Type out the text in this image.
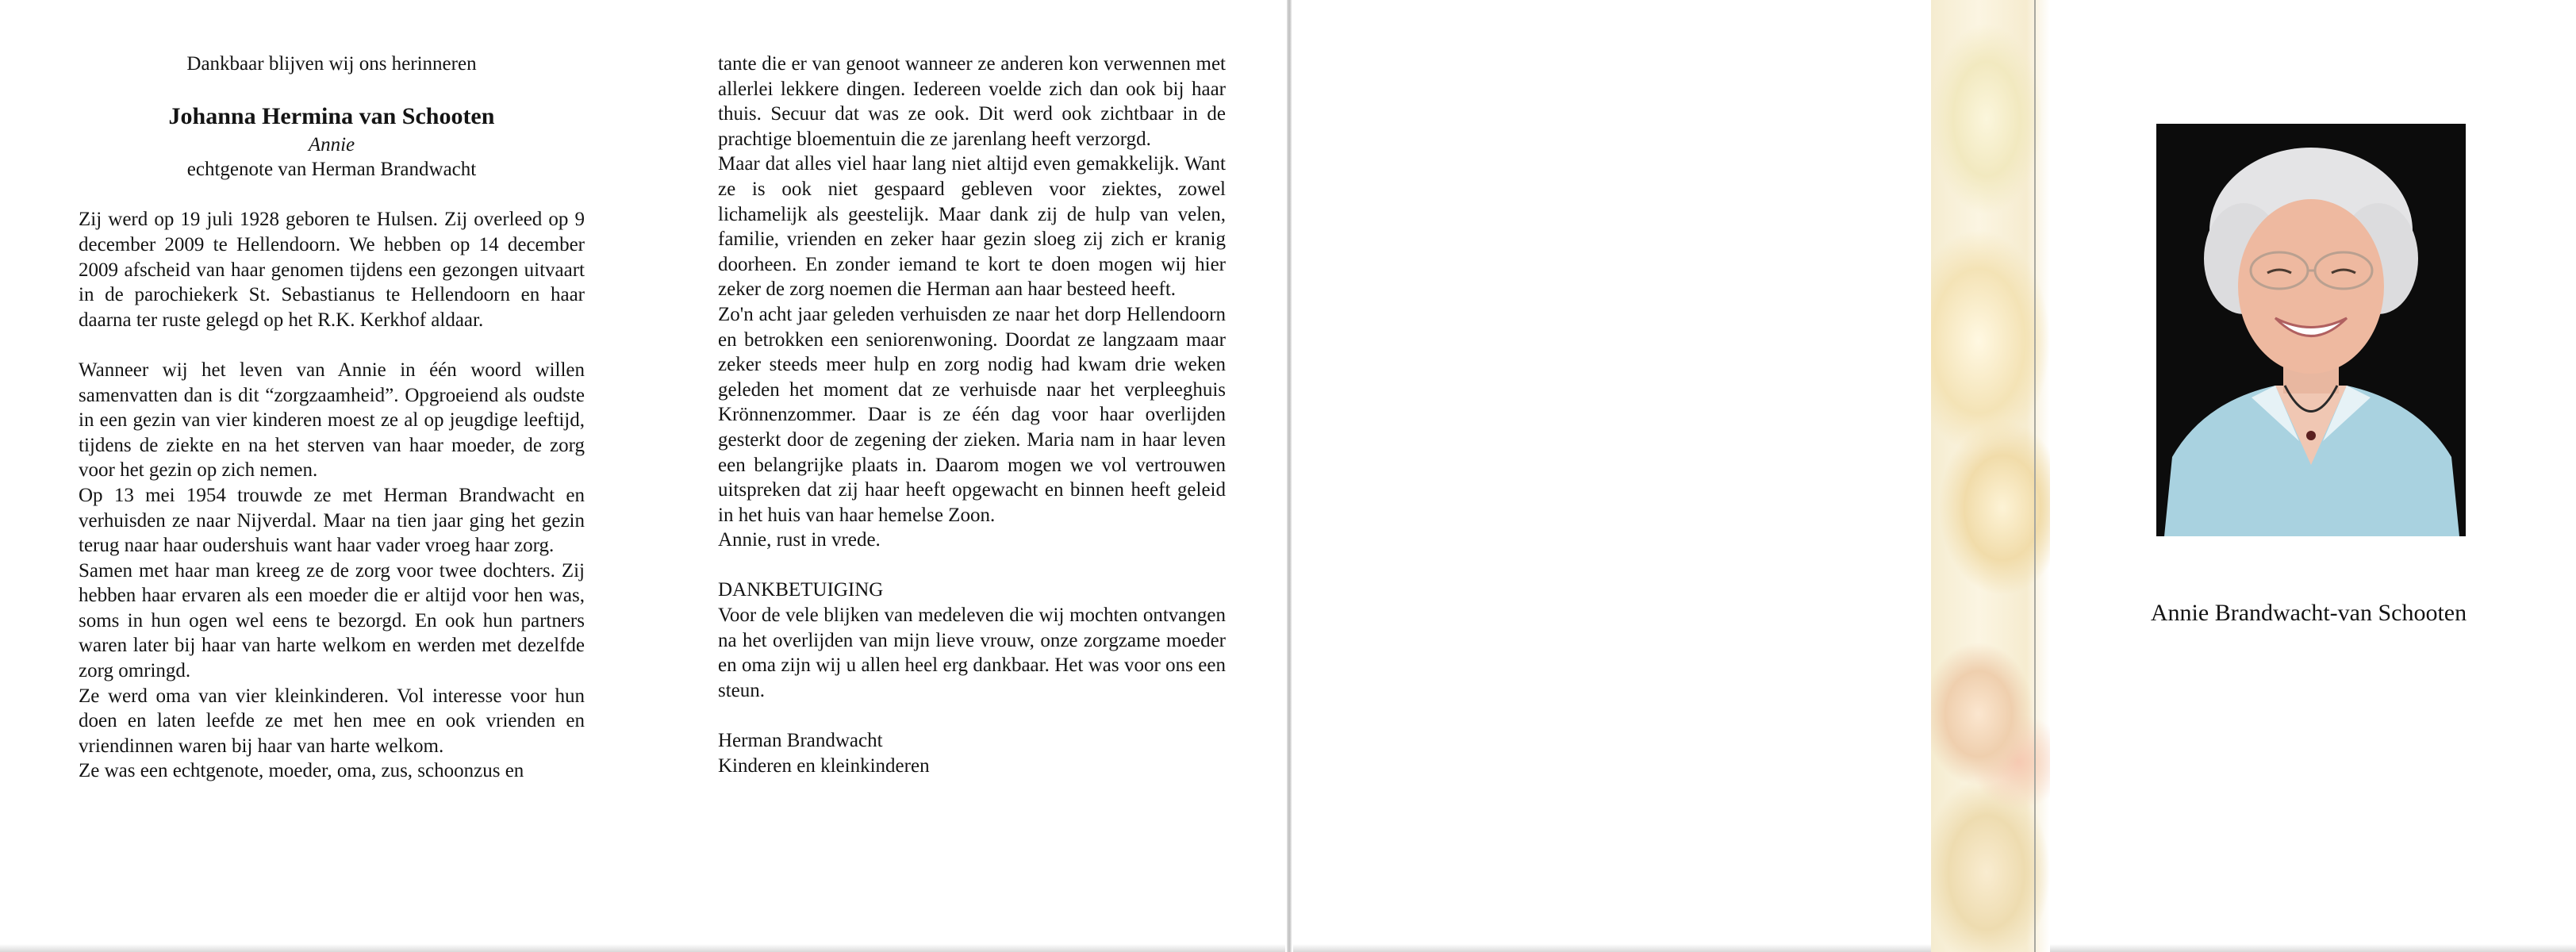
Dankbaar blijven wij ons herinneren

Johanna Hermina van Schooten

Annie

echtgenote van Herman Brandwacht

Zij werd op 19 juli 1928 geboren te Hulsen. Zij overleed op 9 december 2009 te Hellendoorn. We hebben op 14 december 2009 afscheid van haar genomen tijdens een gezongen uitvaart in de parochiekerk St. Sebastianus te Hellendoorn en haar daarna ter ruste gelegd op het R.K. Kerkhof aldaar.

Wanneer wij het leven van Annie in één woord willen samenvatten dan is dit “zorgzaamheid”. Opgroeiend als oudste in een gezin van vier kinderen moest ze al op jeugdige leeftijd, tijdens de ziekte en na het sterven van haar moeder, de zorg voor het gezin op zich nemen.

Op 13 mei 1954 trouwde ze met Herman Brandwacht en verhuisden ze naar Nijverdal. Maar na tien jaar ging het gezin terug naar haar oudershuis want haar vader vroeg haar zorg.

Samen met haar man kreeg ze de zorg voor twee dochters. Zij hebben haar ervaren als een moeder die er altijd voor hen was, soms in hun ogen wel eens te bezorgd. En ook hun partners waren later bij haar van harte welkom en werden met dezelfde zorg omringd.

Ze werd oma van vier kleinkinderen. Vol interesse voor hun doen en laten leefde ze met hen mee en ook vrienden en vriendinnen waren bij haar van harte welkom.

Ze was een echtgenote, moeder, oma, zus, schoonzus en

tante die er van genoot wanneer ze anderen kon verwennen met allerlei lekkere dingen. Iedereen voelde zich dan ook bij haar thuis. Secuur dat was ze ook. Dit werd ook zichtbaar in de prachtige bloementuin die ze jarenlang heeft verzorgd.

Maar dat alles viel haar lang niet altijd even gemakkelijk. Want ze is ook niet gespaard gebleven voor ziektes, zowel lichamelijk als geestelijk. Maar dank zij de hulp van velen, familie, vrienden en zeker haar gezin sloeg zij zich er kranig doorheen. En zonder iemand te kort te doen mogen wij hier zeker de zorg noemen die Herman aan haar besteed heeft.

Zo'n acht jaar geleden verhuisden ze naar het dorp Hellendoorn en betrokken een seniorenwoning. Doordat ze langzaam maar zeker steeds meer hulp en zorg nodig had kwam drie weken geleden het moment dat ze verhuisde naar het verpleeghuis Krönnenzommer. Daar is ze één dag voor haar overlijden gesterkt door de zegening der zieken. Maria nam in haar leven een belangrijke plaats in. Daarom mogen we vol vertrouwen uitspreken dat zij haar heeft opgewacht en binnen heeft geleid in het huis van haar hemelse Zoon.

Annie, rust in vrede.

DANKBETUIGING

Voor de vele blijken van medeleven die wij mochten ontvangen na het overlijden van mijn lieve vrouw, onze zorgzame moeder en oma zijn wij u allen heel erg dankbaar. Het was voor ons een steun.

Herman Brandwacht

Kinderen en kleinkinderen

Annie Brandwacht-van Schooten
